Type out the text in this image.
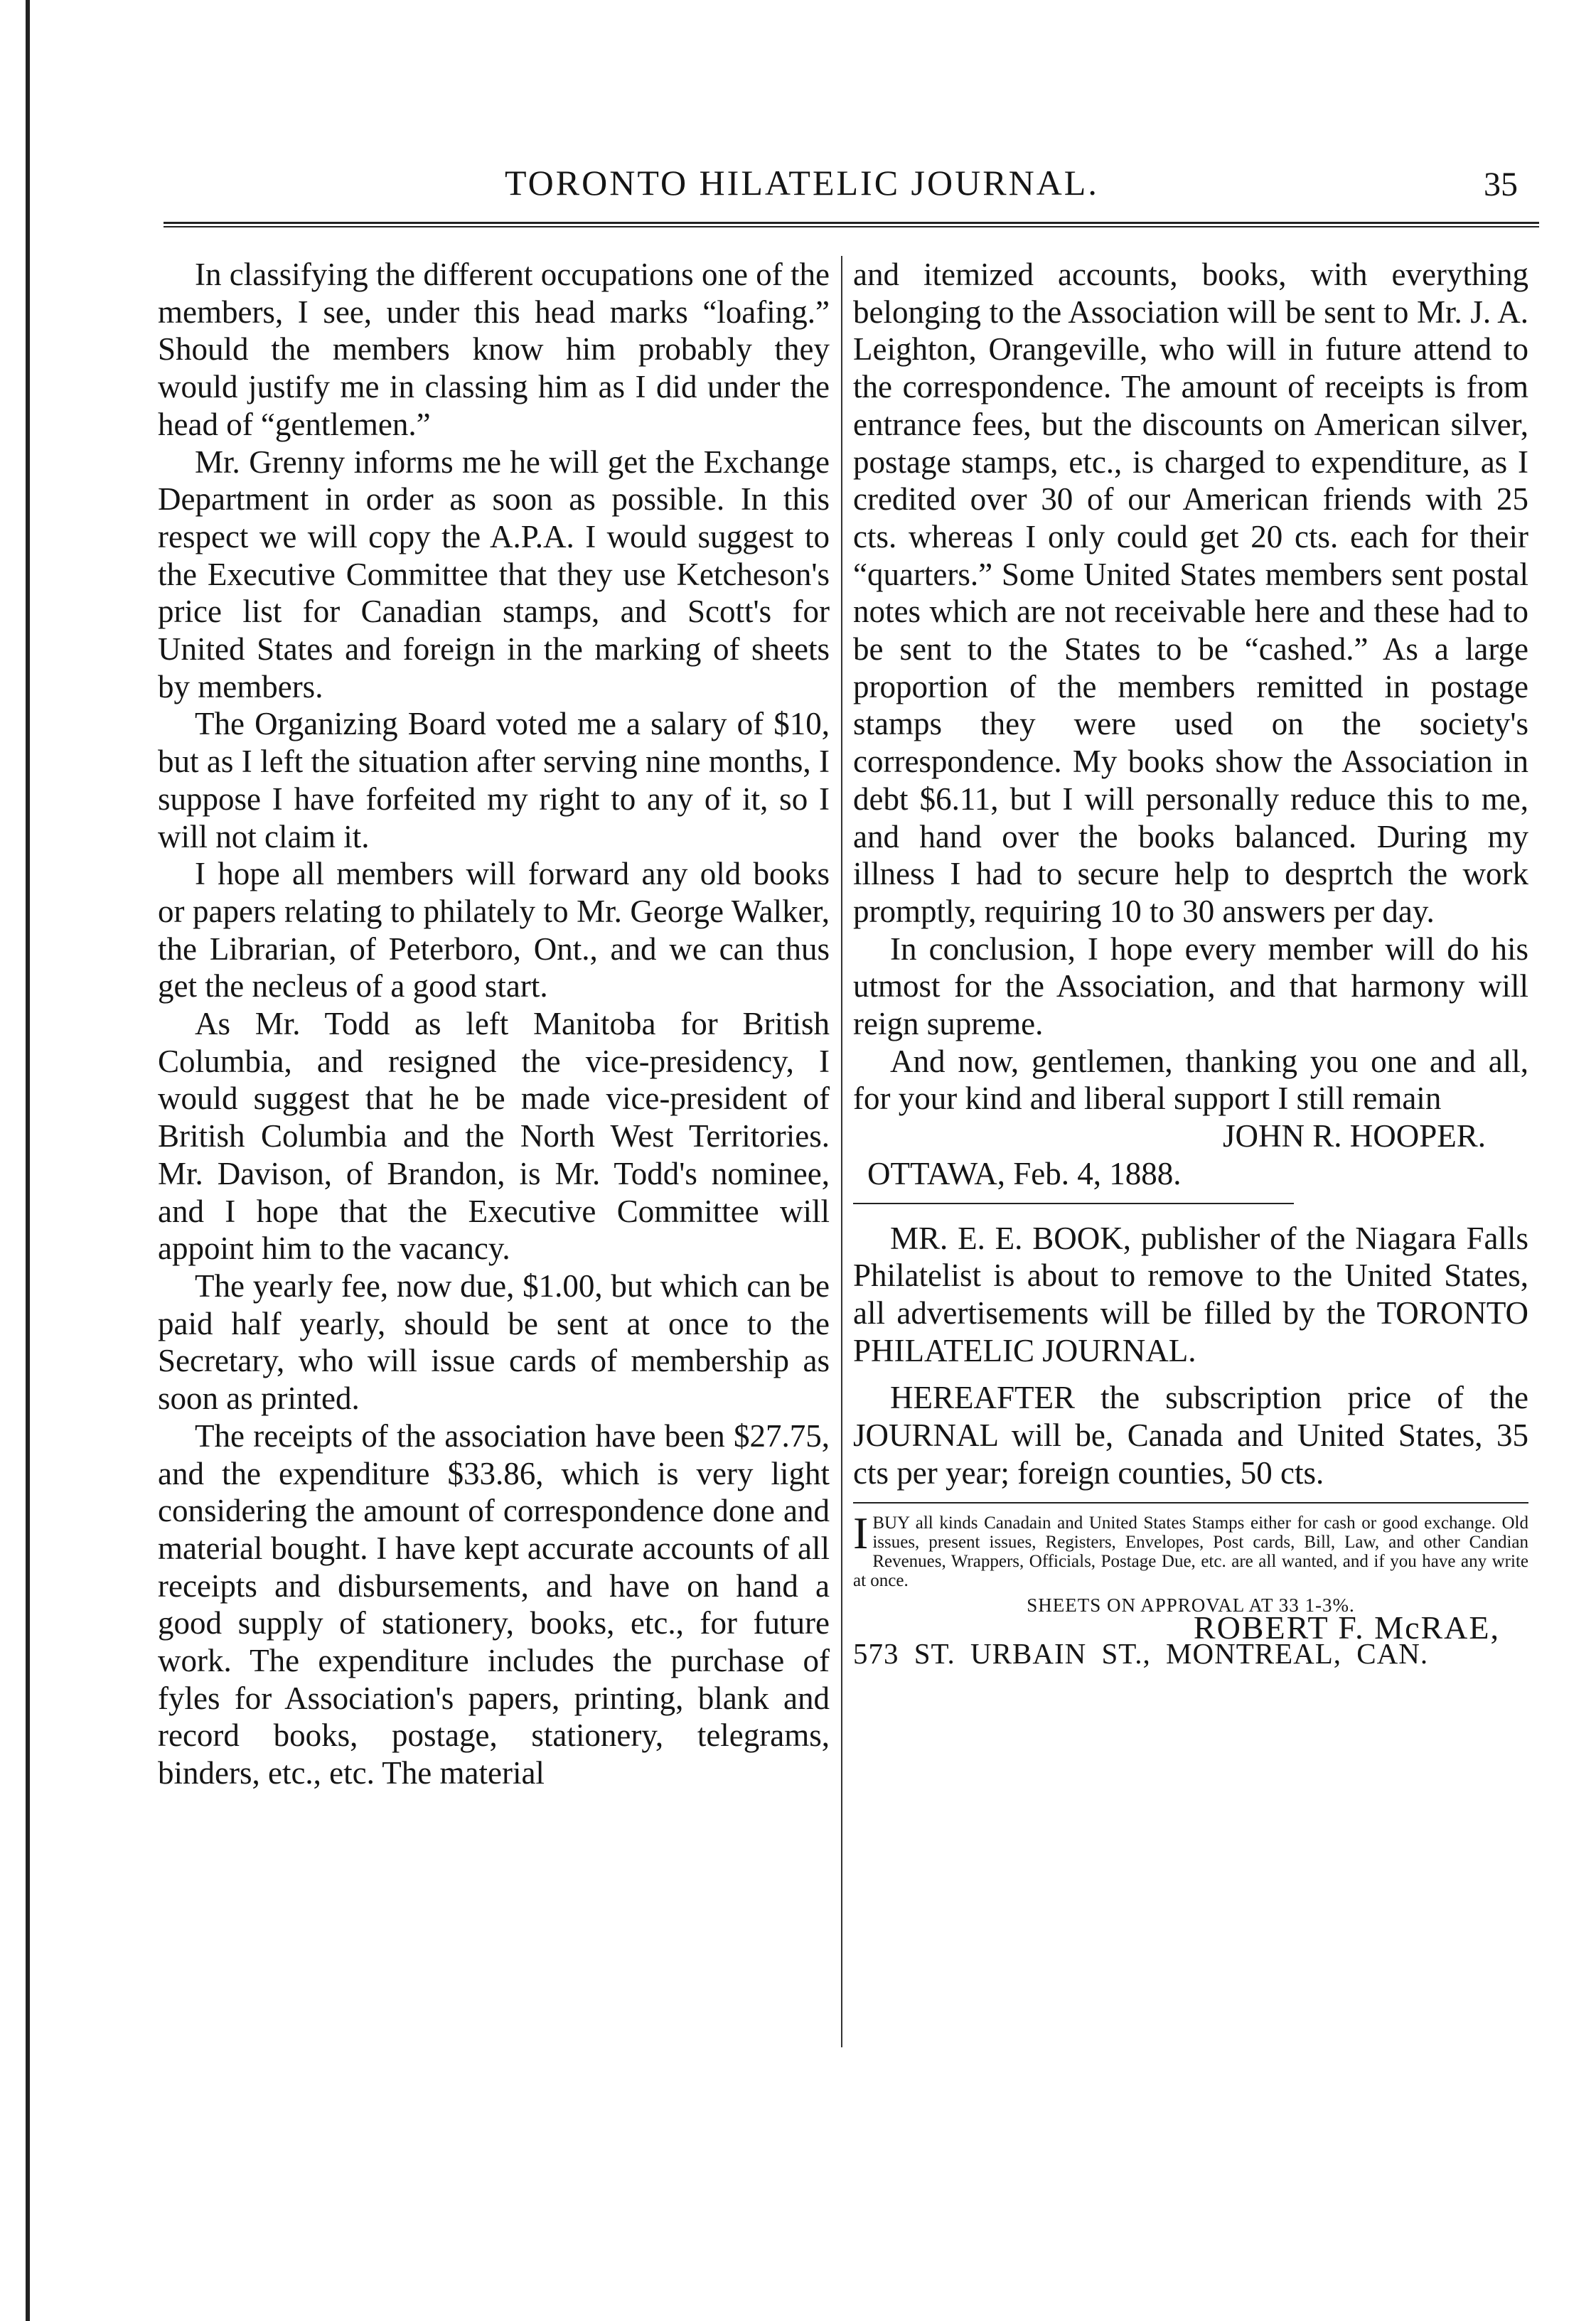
TORONTO HILATELIC JOURNAL.	35

In classifying the different occupations one of the members, I see, under this head marks “loafing.” Should the members know him probably they would justify me in classing him as I did under the head of “gentlemen.”

Mr. Grenny informs me he will get the Exchange Department in order as soon as possible. In this respect we will copy the A.P.A. I would suggest to the Executive Committee that they use Ketcheson's price list for Canadian stamps, and Scott's for United States and foreign in the marking of sheets by members.

The Organizing Board voted me a salary of $10, but as I left the situation after serving nine months, I suppose I have forfeited my right to any of it, so I will not claim it.

I hope all members will forward any old books or papers relating to philately to Mr. George Walker, the Librarian, of Peterboro, Ont., and we can thus get the necleus of a good start.

As Mr. Todd as left Manitoba for British Columbia, and resigned the vice-presidency, I would suggest that he be made vice-president of British Columbia and the North West Territories. Mr. Davison, of Brandon, is Mr. Todd's nominee, and I hope that the Executive Committee will appoint him to the vacancy.

The yearly fee, now due, $1.00, but which can be paid half yearly, should be sent at once to the Secretary, who will issue cards of membership as soon as printed.

The receipts of the association have been $27.75, and the expenditure $33.86, which is very light considering the amount of correspondence done and material bought. I have kept accurate accounts of all receipts and disbursements, and have on hand a good supply of stationery, books, etc., for future work. The expenditure includes the purchase of fyles for Association's papers, printing, blank and record books, postage, stationery, telegrams, binders, etc., etc. The material

and itemized accounts, books, with everything belonging to the Association will be sent to Mr. J. A. Leighton, Orangeville, who will in future attend to the correspondence. The amount of receipts is from entrance fees, but the discounts on American silver, postage stamps, etc., is charged to expenditure, as I credited over 30 of our American friends with 25 cts. whereas I only could get 20 cts. each for their “quarters.” Some United States members sent postal notes which are not receivable here and these had to be sent to the States to be “cashed.” As a large proportion of the members remitted in postage stamps they were used on the society's correspondence. My books show the Association in debt $6.11, but I will personally reduce this to me, and hand over the books balanced. During my illness I had to secure help to desprtch the work promptly, requiring 10 to 30 answers per day.

In conclusion, I hope every member will do his utmost for the Association, and that harmony will reign supreme.

And now, gentlemen, thanking you one and all, for your kind and liberal support I still remain

JOHN R. HOOPER.

OTTAWA, Feb. 4, 1888.

MR. E. E. BOOK, publisher of the Niagara Falls Philatelist is about to remove to the United States, all advertisements will be filled by the TORONTO PHILATELIC JOURNAL.

HEREAFTER the subscription price of the JOURNAL will be, Canada and United States, 35 cts per year; foreign counties, 50 cts.

I BUY all kinds Canadain and United States Stamps either for cash or good exchange. Old issues, present issues, Registers, Envelopes, Post cards, Bill, Law, and other Candian Revenues, Wrappers, Officials, Postage Due, etc. are all wanted, and if you have any write at once.
SHEETS ON APPROVAL AT 33 1-3%.
ROBERT F. McRAE,
573 ST. URBAIN ST., MONTREAL, CAN.
